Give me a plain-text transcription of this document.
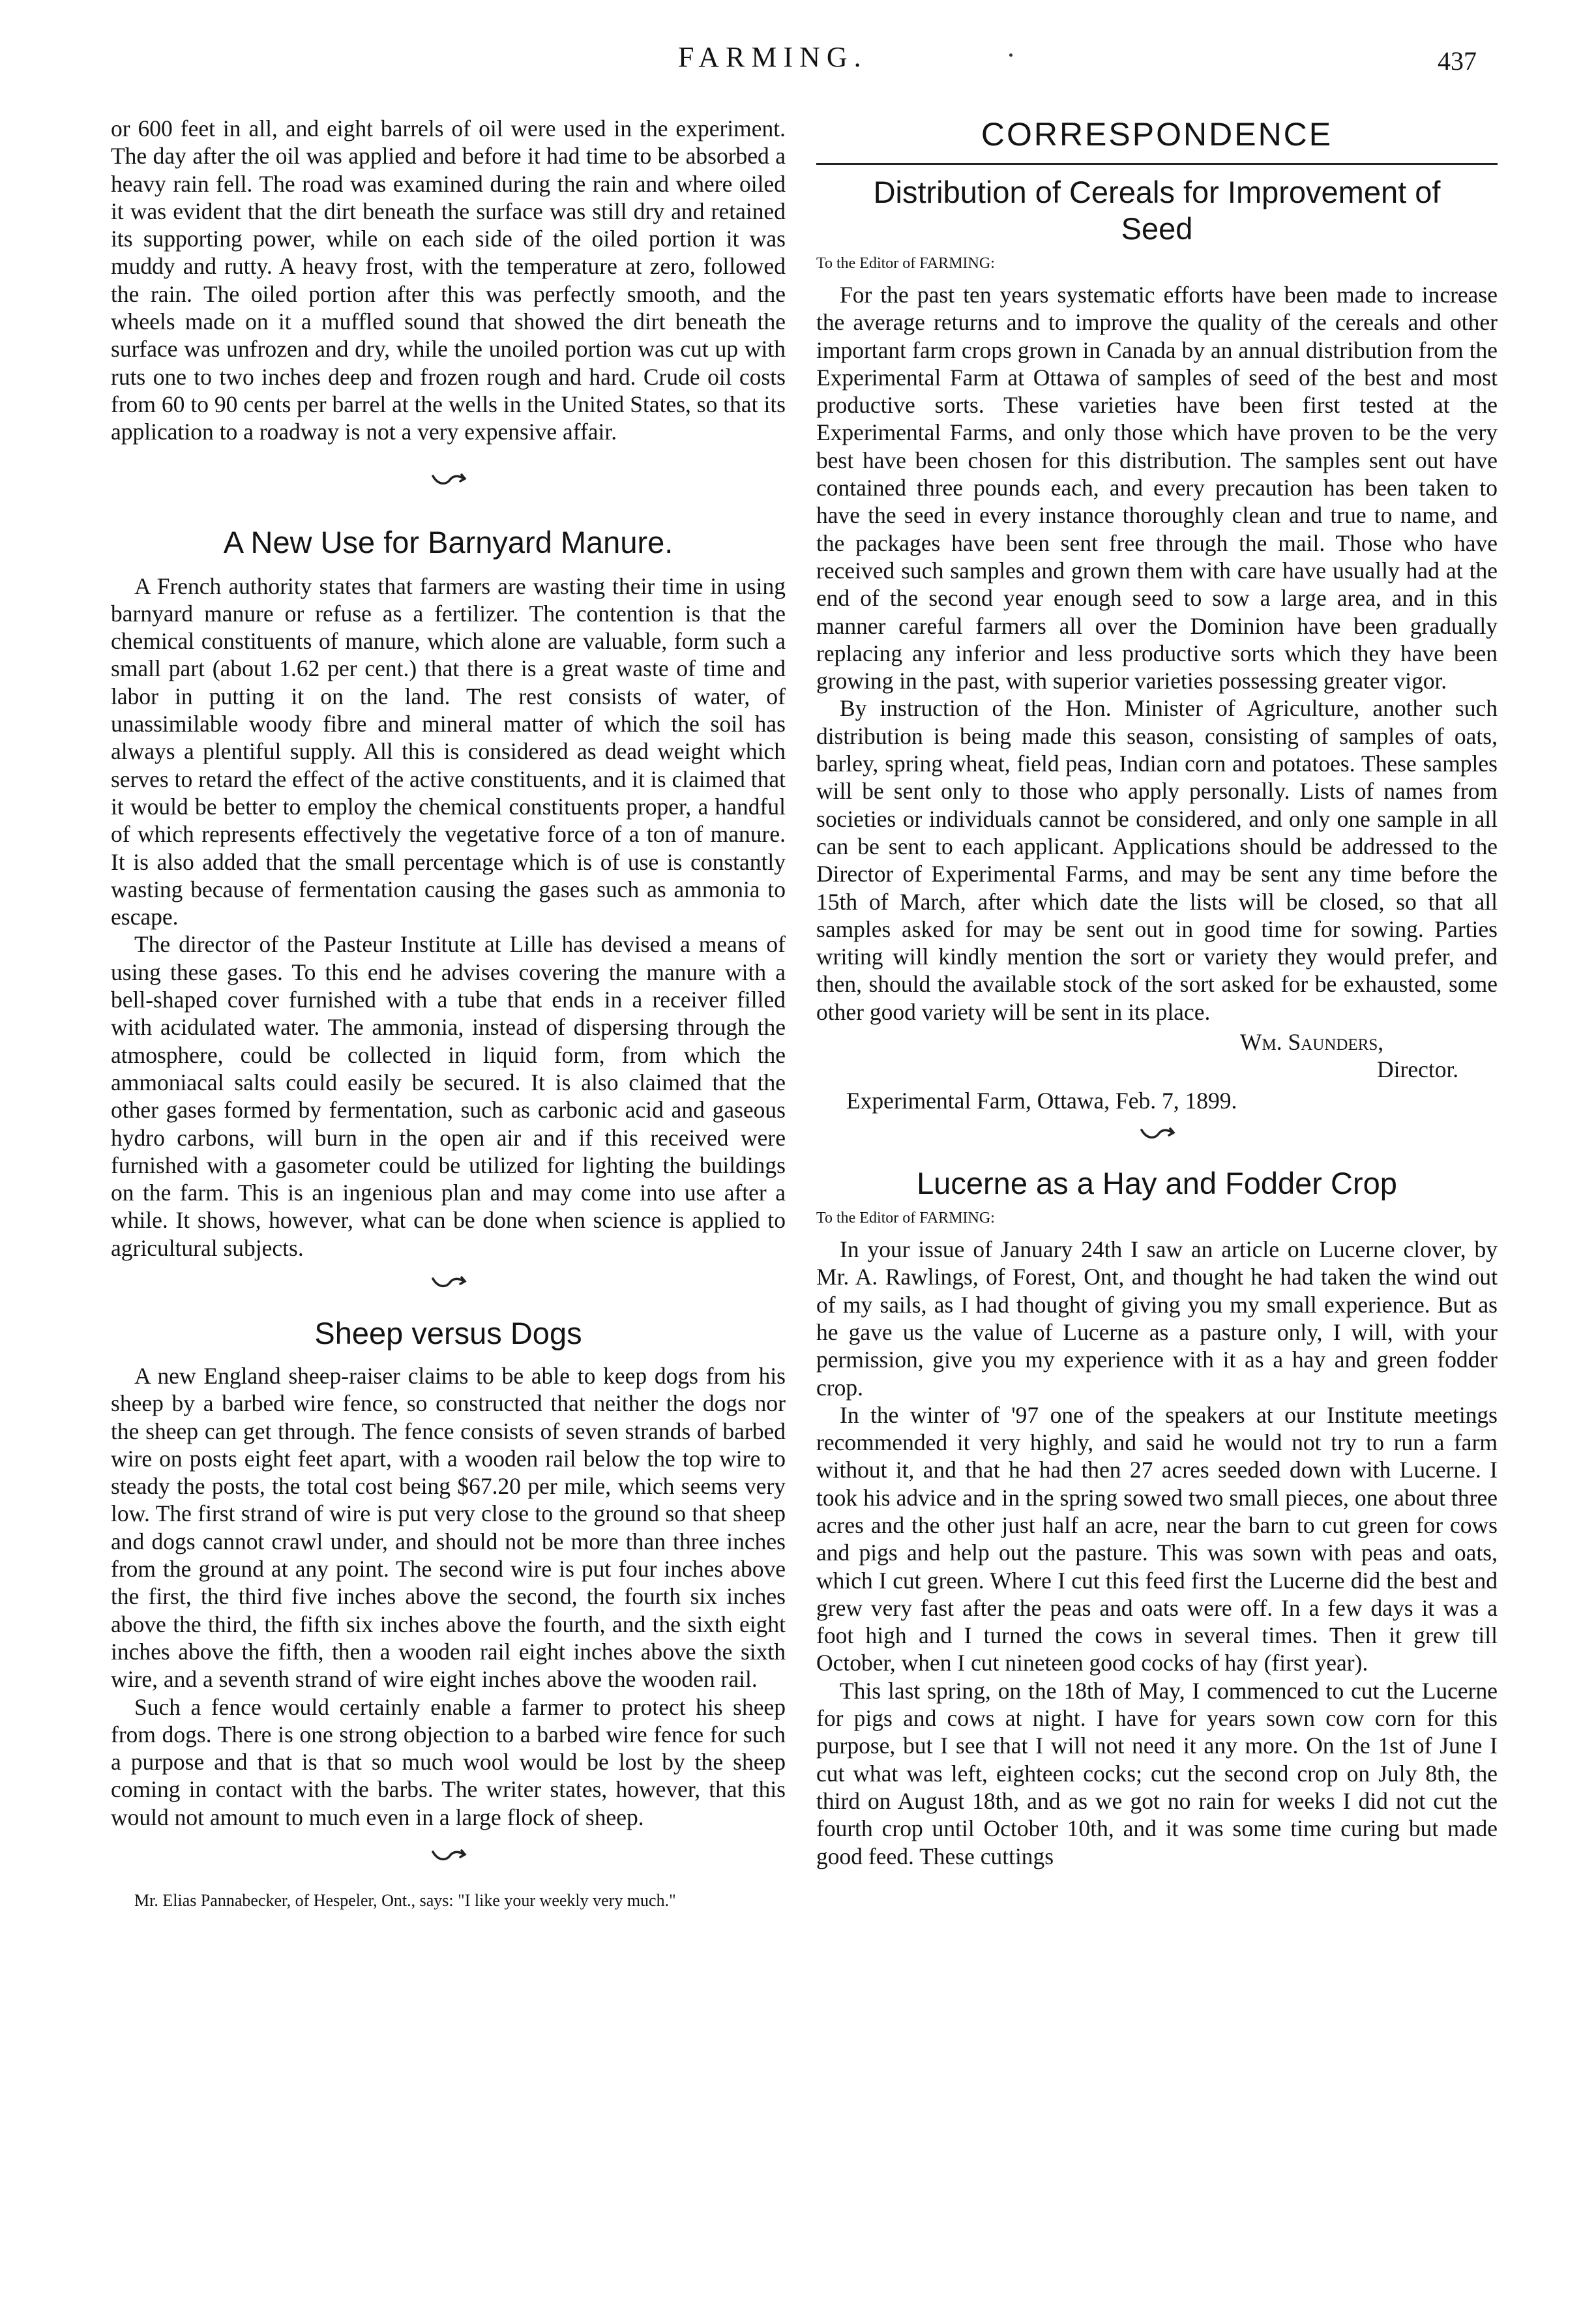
FARMING.	437

or 600 feet in all, and eight barrels of oil were used in the experiment. The day after the oil was applied and before it had time to be absorbed a heavy rain fell. The road was examined during the rain and where oiled it was evident that the dirt beneath the surface was still dry and retained its supporting power, while on each side of the oiled portion it was muddy and rutty. A heavy frost, with the temperature at zero, followed the rain. The oiled portion after this was perfectly smooth, and the wheels made on it a muffled sound that showed the dirt beneath the surface was unfrozen and dry, while the unoiled portion was cut up with ruts one to two inches deep and frozen rough and hard. Crude oil costs from 60 to 90 cents per barrel at the wells in the United States, so that its application to a roadway is not a very expensive affair.

A New Use for Barnyard Manure.

A French authority states that farmers are wasting their time in using barnyard manure or refuse as a fertilizer. The contention is that the chemical constituents of manure, which alone are valuable, form such a small part (about 1.62 per cent.) that there is a great waste of time and labor in putting it on the land. The rest consists of water, of unassimilable woody fibre and mineral matter of which the soil has always a plentiful supply. All this is considered as dead weight which serves to retard the effect of the active constituents, and it is claimed that it would be better to employ the chemical constituents proper, a handful of which represents effectively the vegetative force of a ton of manure. It is also added that the small percentage which is of use is constantly wasting because of fermentation causing the gases such as ammonia to escape.

The director of the Pasteur Institute at Lille has devised a means of using these gases. To this end he advises covering the manure with a bell-shaped cover furnished with a tube that ends in a receiver filled with acidulated water. The ammonia, instead of dispersing through the atmosphere, could be collected in liquid form, from which the ammoniacal salts could easily be secured. It is also claimed that the other gases formed by fermentation, such as carbonic acid and gaseous hydro carbons, will burn in the open air and if this received were furnished with a gasometer could be utilized for lighting the buildings on the farm. This is an ingenious plan and may come into use after a while. It shows, however, what can be done when science is applied to agricultural subjects.

Sheep versus Dogs

A new England sheep-raiser claims to be able to keep dogs from his sheep by a barbed wire fence, so constructed that neither the dogs nor the sheep can get through. The fence consists of seven strands of barbed wire on posts eight feet apart, with a wooden rail below the top wire to steady the posts, the total cost being $67.20 per mile, which seems very low. The first strand of wire is put very close to the ground so that sheep and dogs cannot crawl under, and should not be more than three inches from the ground at any point. The second wire is put four inches above the first, the third five inches above the second, the fourth six inches above the third, the fifth six inches above the fourth, and the sixth eight inches above the fifth, then a wooden rail eight inches above the sixth wire, and a seventh strand of wire eight inches above the wooden rail.

Such a fence would certainly enable a farmer to protect his sheep from dogs. There is one strong objection to a barbed wire fence for such a purpose and that is that so much wool would be lost by the sheep coming in contact with the barbs. The writer states, however, that this would not amount to much even in a large flock of sheep.

Mr. Elias Pannabecker, of Hespeler, Ont., says: "I like your weekly very much."
CORRESPONDENCE
Distribution of Cereals for Improvement of Seed
To the Editor of FARMING:

For the past ten years systematic efforts have been made to increase the average returns and to improve the quality of the cereals and other important farm crops grown in Canada by an annual distribution from the Experimental Farm at Ottawa of samples of seed of the best and most productive sorts. These varieties have been first tested at the Experimental Farms, and only those which have proven to be the very best have been chosen for this distribution. The samples sent out have contained three pounds each, and every precaution has been taken to have the seed in every instance thoroughly clean and true to name, and the packages have been sent free through the mail. Those who have received such samples and grown them with care have usually had at the end of the second year enough seed to sow a large area, and in this manner careful farmers all over the Dominion have been gradually replacing any inferior and less productive sorts which they have been growing in the past, with superior varieties possessing greater vigor.

By instruction of the Hon. Minister of Agriculture, another such distribution is being made this season, consisting of samples of oats, barley, spring wheat, field peas, Indian corn and potatoes. These samples will be sent only to those who apply personally. Lists of names from societies or individuals cannot be considered, and only one sample in all can be sent to each applicant. Applications should be addressed to the Director of Experimental Farms, and may be sent any time before the 15th of March, after which date the lists will be closed, so that all samples asked for may be sent out in good time for sowing. Parties writing will kindly mention the sort or variety they would prefer, and then, should the available stock of the sort asked for be exhausted, some other good variety will be sent in its place.

Wm. Saunders,
Director.
Experimental Farm, Ottawa, Feb. 7, 1899.
Lucerne as a Hay and Fodder Crop
To the Editor of FARMING:

In your issue of January 24th I saw an article on Lucerne clover, by Mr. A. Rawlings, of Forest, Ont, and thought he had taken the wind out of my sails, as I had thought of giving you my small experience. But as he gave us the value of Lucerne as a pasture only, I will, with your permission, give you my experience with it as a hay and green fodder crop.

In the winter of '97 one of the speakers at our Institute meetings recommended it very highly, and said he would not try to run a farm without it, and that he had then 27 acres seeded down with Lucerne. I took his advice and in the spring sowed two small pieces, one about three acres and the other just half an acre, near the barn to cut green for cows and pigs and help out the pasture. This was sown with peas and oats, which I cut green. Where I cut this feed first the Lucerne did the best and grew very fast after the peas and oats were off. In a few days it was a foot high and I turned the cows in several times. Then it grew till October, when I cut nineteen good cocks of hay (first year).

This last spring, on the 18th of May, I commenced to cut the Lucerne for pigs and cows at night. I have for years sown cow corn for this purpose, but I see that I will not need it any more. On the 1st of June I cut what was left, eighteen cocks; cut the second crop on July 8th, the third on August 18th, and as we got no rain for weeks I did not cut the fourth crop until October 10th, and it was some time curing but made good feed. These cuttings
